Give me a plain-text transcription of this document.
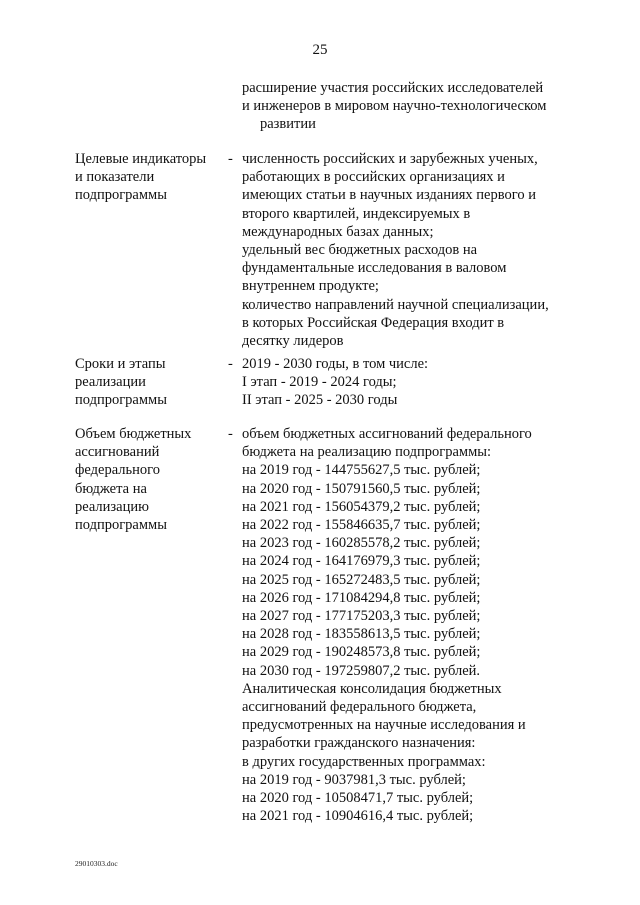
25
расширение участия российских исследователей
и инженеров в мировом научно-технологическом
развитии
Целевые индикаторы
и показатели
подпрограммы
- численность российских и зарубежных ученых,
работающих в российских организациях и
имеющих статьи в научных изданиях первого и
второго квартилей, индексируемых в
международных базах данных;
удельный вес бюджетных расходов на
фундаментальные исследования в валовом
внутреннем продукте;
количество направлений научной специализации,
в которых Российская Федерация входит в
десятку лидеров
Сроки и этапы
реализации
подпрограммы
- 2019 - 2030 годы, в том числе:
I этап - 2019 - 2024 годы;
II этап - 2025 - 2030 годы
Объем бюджетных
ассигнований
федерального
бюджета на
реализацию
подпрограммы
- объем бюджетных ассигнований федерального
бюджета на реализацию подпрограммы:
на 2019 год - 144755627,5 тыс. рублей;
на 2020 год - 150791560,5 тыс. рублей;
на 2021 год - 156054379,2 тыс. рублей;
на 2022 год - 155846635,7 тыс. рублей;
на 2023 год - 160285578,2 тыс. рублей;
на 2024 год - 164176979,3 тыс. рублей;
на 2025 год - 165272483,5 тыс. рублей;
на 2026 год - 171084294,8 тыс. рублей;
на 2027 год - 177175203,3 тыс. рублей;
на 2028 год - 183558613,5 тыс. рублей;
на 2029 год - 190248573,8 тыс. рублей;
на 2030 год - 197259807,2 тыс. рублей.
Аналитическая консолидация бюджетных
ассигнований федерального бюджета,
предусмотренных на научные исследования и
разработки гражданского назначения:
в других государственных программах:
на 2019 год - 9037981,3 тыс. рублей;
на 2020 год - 10508471,7 тыс. рублей;
на 2021 год - 10904616,4 тыс. рублей;
29010303.doc
